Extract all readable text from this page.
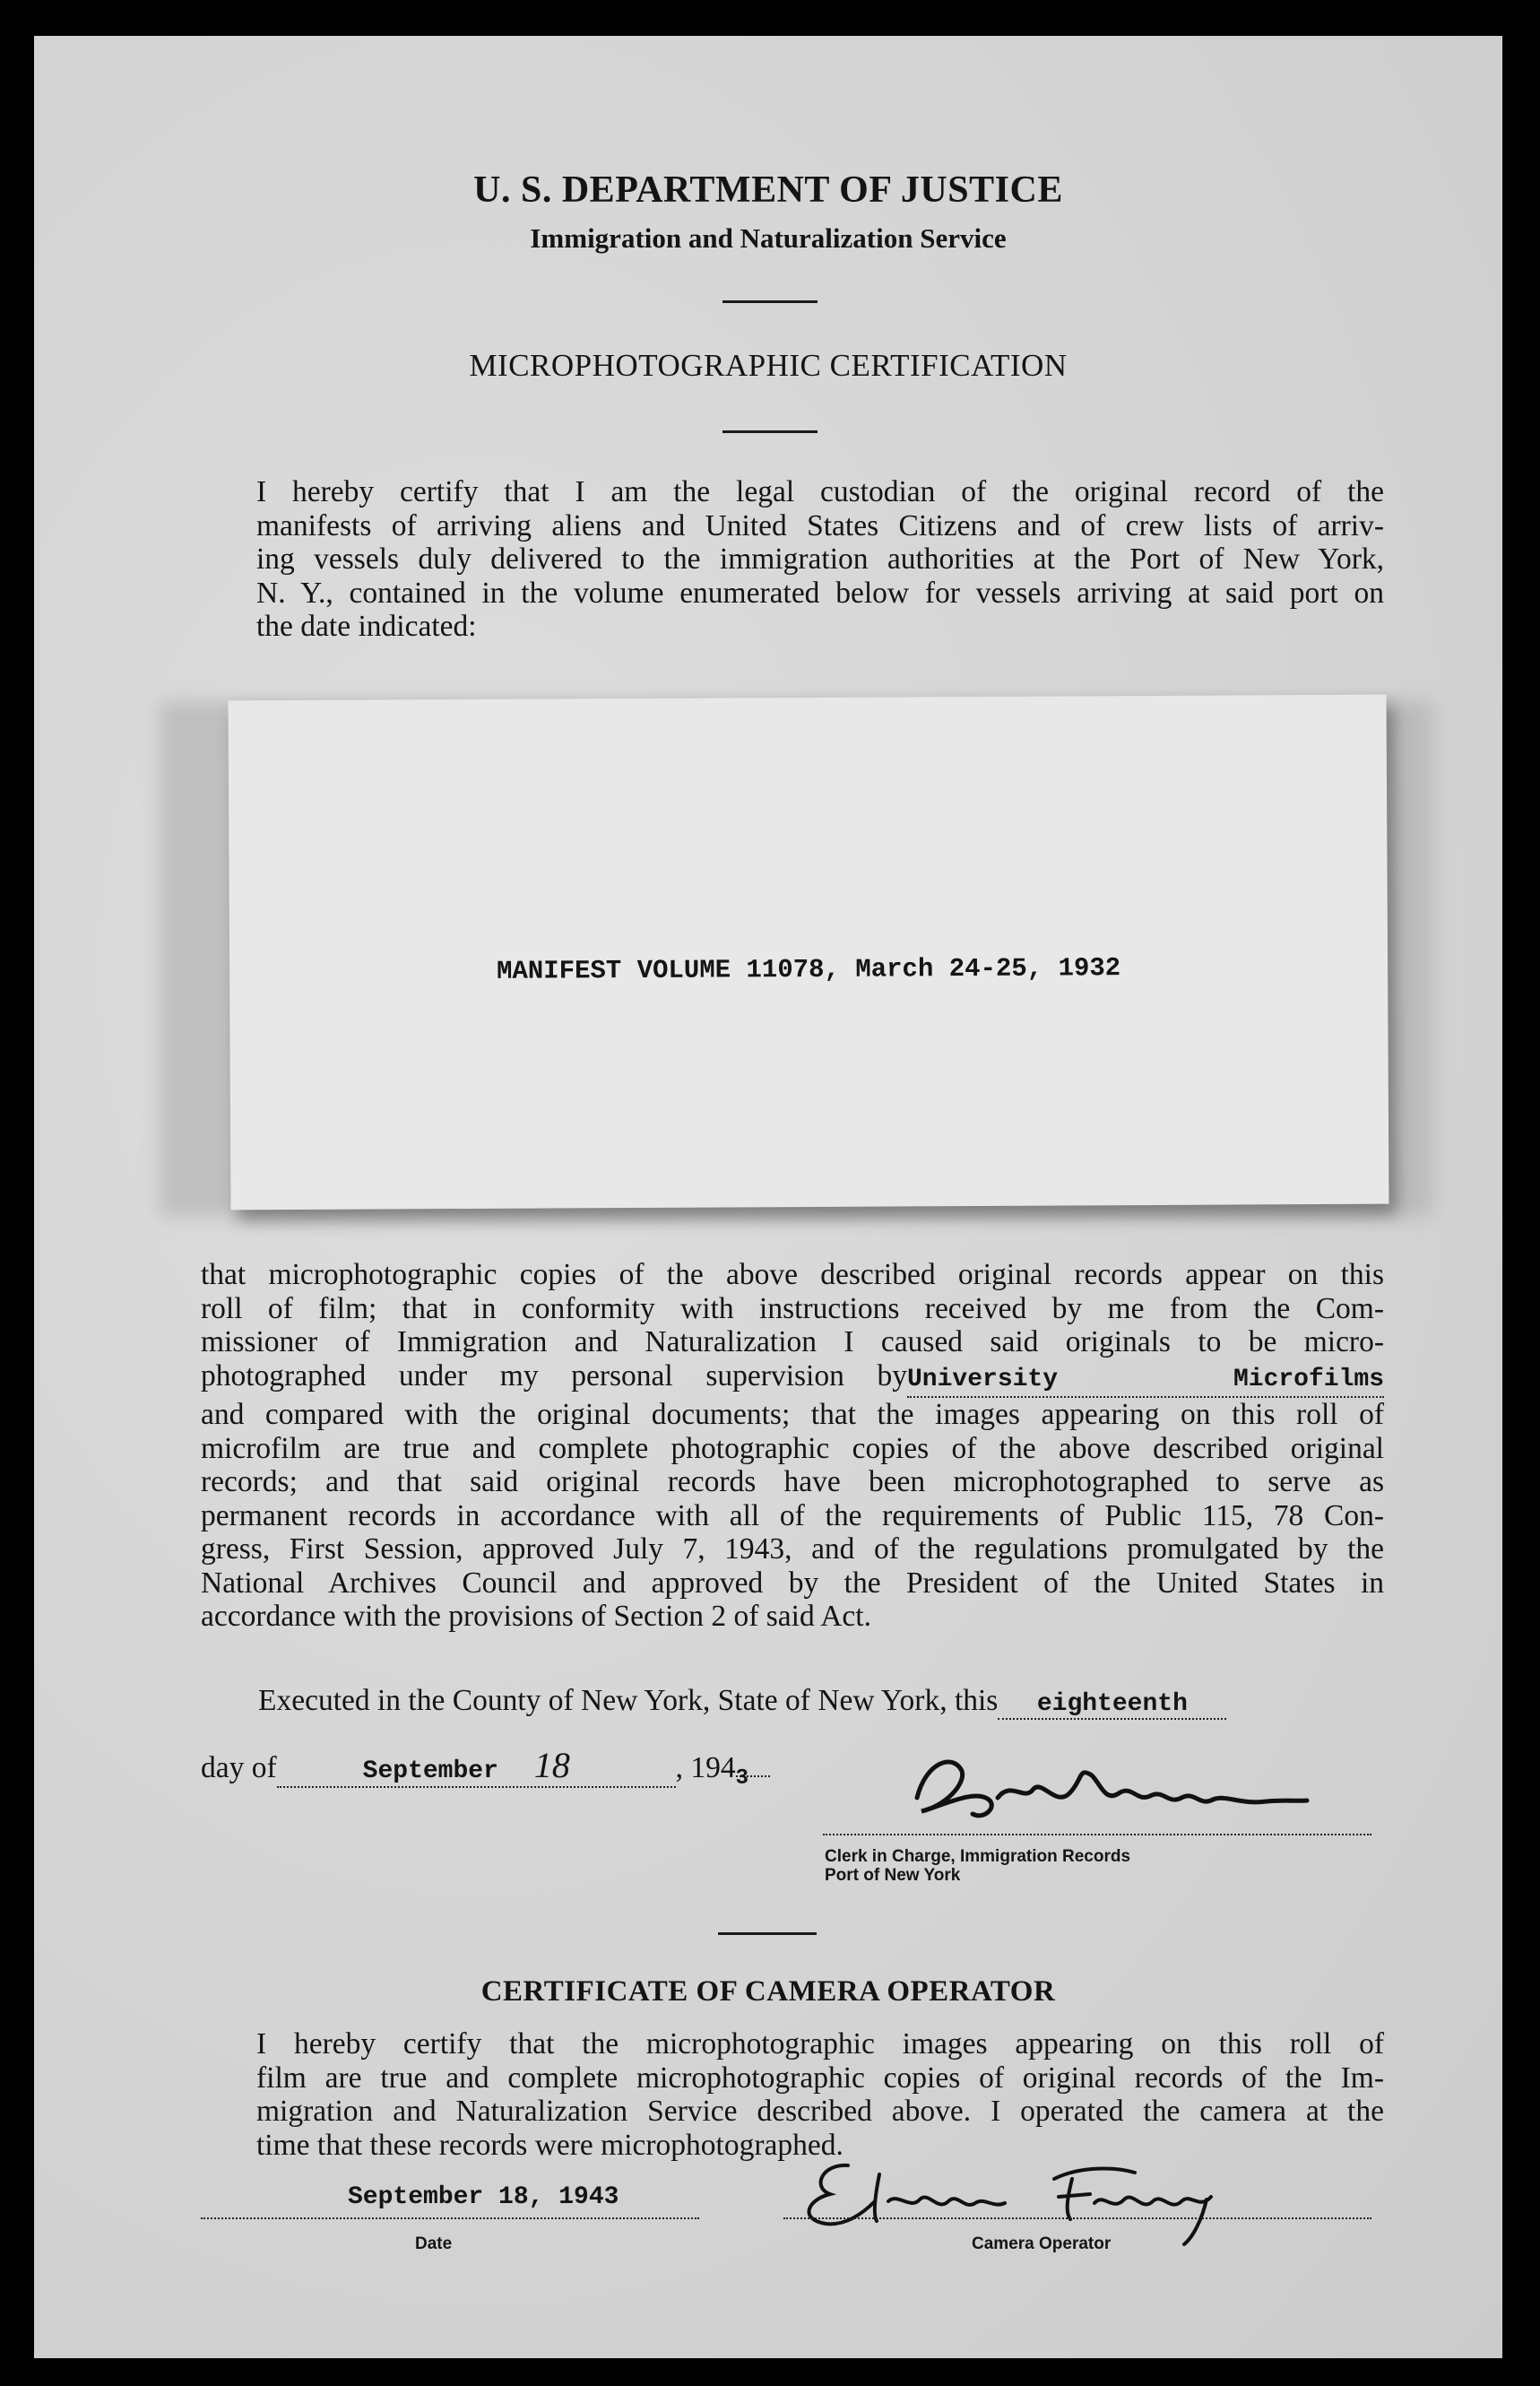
U. S. DEPARTMENT OF JUSTICE
Immigration and Naturalization Service
MICROPHOTOGRAPHIC CERTIFICATION
I hereby certify that I am the legal custodian of the original record of the
manifests of arriving aliens and United States Citizens and of crew lists of arriv-
ing vessels duly delivered to the immigration authorities at the Port of New York,
N. Y., contained in the volume enumerated below for vessels arriving at said port on
the date indicated:
MANIFEST VOLUME 11078, March 24-25, 1932
that microphotographic copies of the above described original records appear on this
roll of film; that in conformity with instructions received by me from the Com-
missioner of Immigration and Naturalization I caused said originals to be micro-
photographed under my personal supervision byUniversity Microfilms
and compared with the original documents; that the images appearing on this roll of
microfilm are true and complete photographic copies of the above described original
records; and that said original records have been microphotographed to serve as
permanent records in accordance with all of the requirements of Public 115, 78 Con-
gress, First Session, approved July 7, 1943, and of the regulations promulgated by the
National Archives Council and approved by the President of the United States in
accordance with the provisions of Section 2 of said Act.
Executed in the County of New York, State of New York, this eighteenth
day of	September 18	, 194 3
Clerk in Charge, Immigration Records
Port of New York
CERTIFICATE OF CAMERA OPERATOR
I hereby certify that the microphotographic images appearing on this roll of
film are true and complete microphotographic copies of original records of the Im-
migration and Naturalization Service described above. I operated the camera at the
time that these records were microphotographed.
September 18, 1943
Date	Camera Operator
